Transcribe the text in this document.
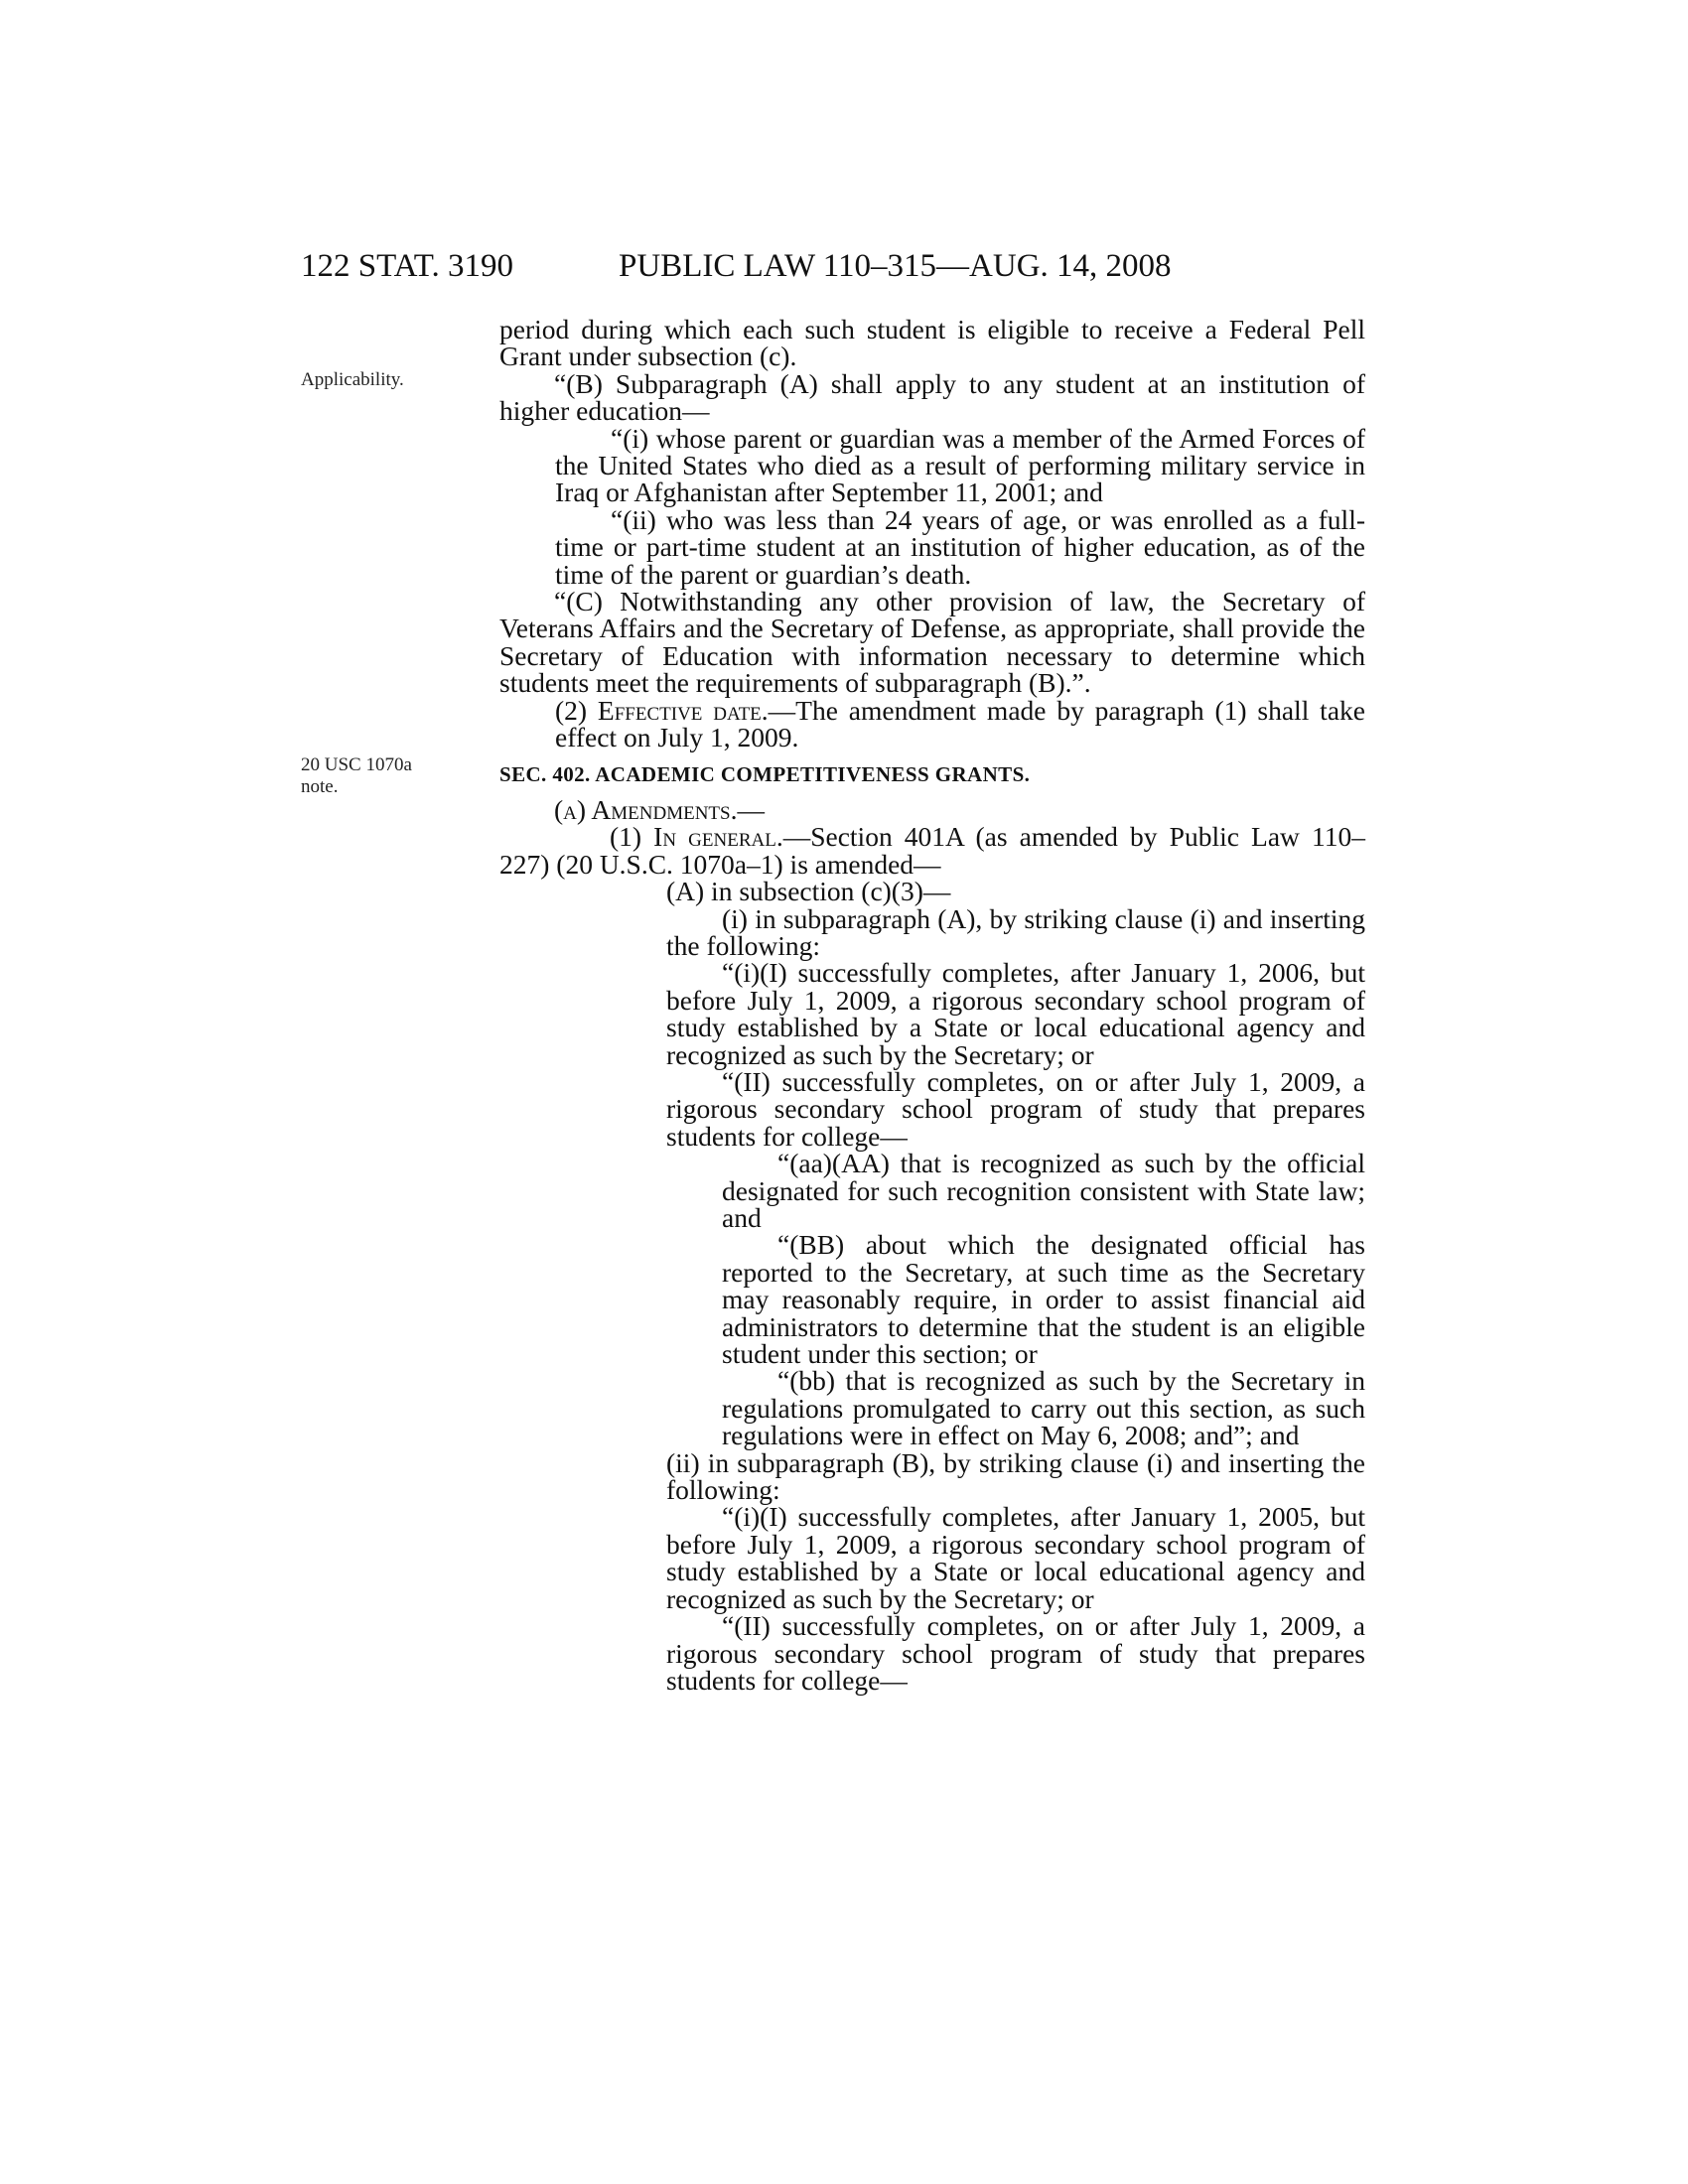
122 STAT. 3190	PUBLIC LAW 110–315—AUG. 14, 2008
Applicability.
20 USC 1070a
note.

period during which each such student is eligible to receive a Federal Pell Grant under subsection (c).

“(B) Subparagraph (A) shall apply to any student at an institution of higher education—

“(i) whose parent or guardian was a member of the Armed Forces of the United States who died as a result of performing military service in Iraq or Afghanistan after September 11, 2001; and

“(ii) who was less than 24 years of age, or was enrolled as a full-time or part-time student at an institution of higher education, as of the time of the parent or guardian’s death.

“(C) Notwithstanding any other provision of law, the Secretary of Veterans Affairs and the Secretary of Defense, as appropriate, shall provide the Secretary of Education with information necessary to determine which students meet the requirements of subparagraph (B).”.

(2) Effective date.—The amendment made by paragraph (1) shall take effect on July 1, 2009.

SEC. 402. ACADEMIC COMPETITIVENESS GRANTS.

(a) Amendments.—

(1) In general.—Section 401A (as amended by Public Law 110–227) (20 U.S.C. 1070a–1) is amended—

(A) in subsection (c)(3)—

(i) in subparagraph (A), by striking clause (i) and inserting the following:

“(i)(I) successfully completes, after January 1, 2006, but before July 1, 2009, a rigorous secondary school program of study established by a State or local educational agency and recognized as such by the Secretary; or

“(II) successfully completes, on or after July 1, 2009, a rigorous secondary school program of study that prepares students for college—

“(aa)(AA) that is recognized as such by the official designated for such recognition consistent with State law; and

“(BB) about which the designated official has reported to the Secretary, at such time as the Secretary may reasonably require, in order to assist financial aid administrators to determine that the student is an eligible student under this section; or

“(bb) that is recognized as such by the Secretary in regulations promulgated to carry out this section, as such regulations were in effect on May 6, 2008; and”; and

(ii) in subparagraph (B), by striking clause (i) and inserting the following:

“(i)(I) successfully completes, after January 1, 2005, but before July 1, 2009, a rigorous secondary school program of study established by a State or local educational agency and recognized as such by the Secretary; or

“(II) successfully completes, on or after July 1, 2009, a rigorous secondary school program of study that prepares students for college—
